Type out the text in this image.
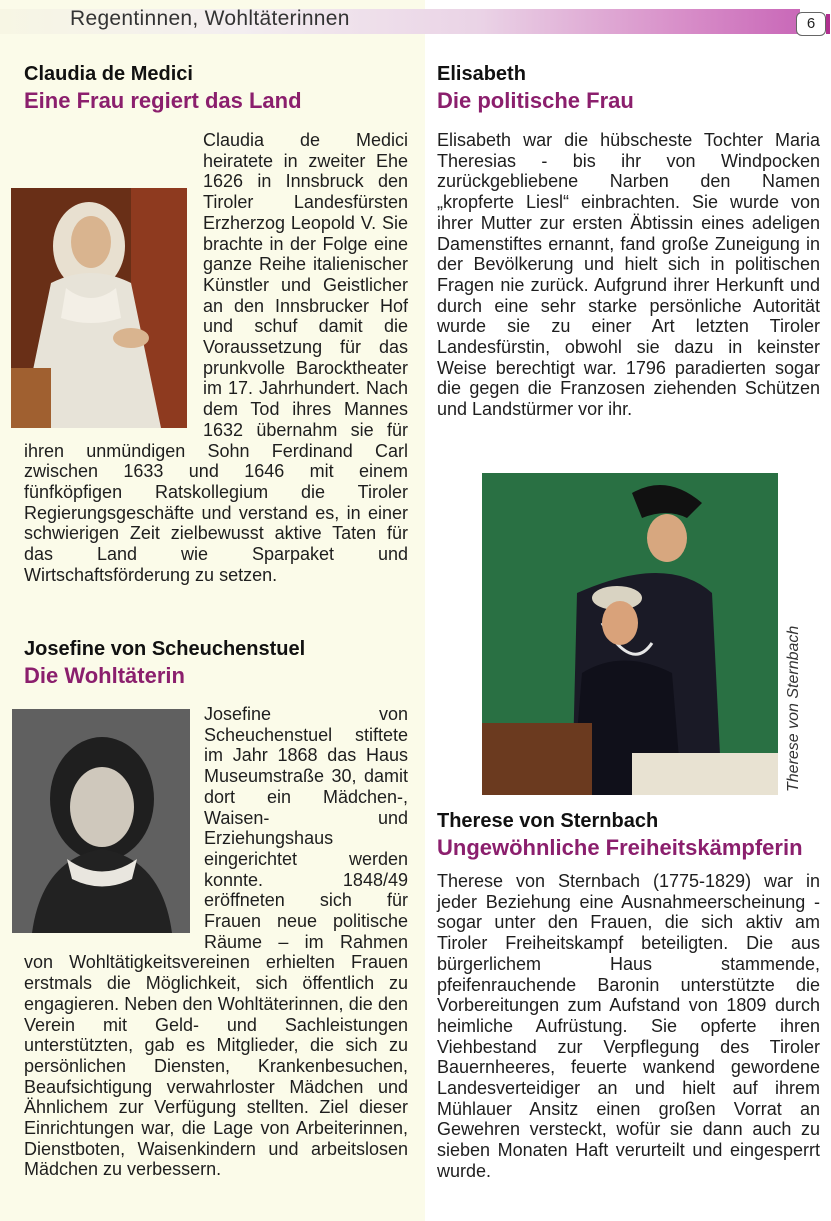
Regentinnen, Wohltäterinnen	6
Claudia de Medici
Eine Frau regiert das Land
Claudia de Medici heiratete in zweiter Ehe 1626 in Innsbruck den Tiroler Landesfürsten Erzherzog Leopold V. Sie brachte in der Folge eine ganze Reihe italienischer Künstler und Geistlicher an den Innsbrucker Hof und schuf damit die Voraussetzung für das prunkvolle Barocktheater im 17. Jahrhundert. Nach dem Tod ihres Mannes 1632 übernahm sie für ihren unmündigen Sohn Ferdinand Carl zwischen 1633 und 1646 mit einem fünfköpfigen Ratskollegium die Tiroler Regierungsgeschäfte und verstand es, in einer schwierigen Zeit zielbewusst aktive Taten für das Land wie Sparpaket und Wirtschaftsförderung zu setzen.
Josefine von Scheuchenstuel
Die Wohltäterin
Josefine von Scheuchenstuel stiftete im Jahr 1868 das Haus Museumstraße 30, damit dort ein Mädchen-, Waisen- und Erziehungshaus eingerichtet werden konnte. 1848/49 eröffneten sich für Frauen neue politische Räume – im Rahmen von Wohltätigkeitsvereinen erhielten Frauen erstmals die Möglichkeit, sich öffentlich zu engagieren. Neben den Wohltäterinnen, die den Verein mit Geld- und Sachleistungen unterstützten, gab es Mitglieder, die sich zu persönlichen Diensten, Krankenbesuchen, Beaufsichtigung verwahrloster Mädchen und Ähnlichem zur Verfügung stellten. Ziel dieser Einrichtungen war, die Lage von Arbeiterinnen, Dienstboten, Waisenkindern und arbeitslosen Mädchen zu verbessern.
Elisabeth
Die politische Frau
Elisabeth war die hübscheste Tochter Maria Theresias - bis ihr von Windpocken zurückgebliebene Narben den Namen „kropferte Liesl“ einbrachten. Sie wurde von ihrer Mutter zur ersten Äbtissin eines adeligen Damenstiftes ernannt, fand große Zuneigung in der Bevölkerung und hielt sich in politischen Fragen nie zurück. Aufgrund ihrer Herkunft und durch eine sehr starke persönliche Autorität wurde sie zu einer Art letzten Tiroler Landesfürstin, obwohl sie dazu in keinster Weise berechtigt war. 1796 paradierten sogar die gegen die Franzosen ziehenden Schützen und Landstürmer vor ihr.
Therese von Sternbach
Therese von Sternbach
Ungewöhnliche Freiheitskämpferin
Therese von Sternbach (1775-1829) war in jeder Beziehung eine Ausnahmeerscheinung - sogar unter den Frauen, die sich aktiv am Tiroler Freiheitskampf beteiligten. Die aus bürgerlichem Haus stammende, pfeifenrauchende Baronin unterstützte die Vorbereitungen zum Aufstand von 1809 durch heimliche Aufrüstung. Sie opferte ihren Viehbestand zur Verpflegung des Tiroler Bauernheeres, feuerte wankend gewordene Landesverteidiger an und hielt auf ihrem Mühlauer Ansitz einen großen Vorrat an Gewehren versteckt, wofür sie dann auch zu sieben Monaten Haft verurteilt und eingesperrt wurde.
